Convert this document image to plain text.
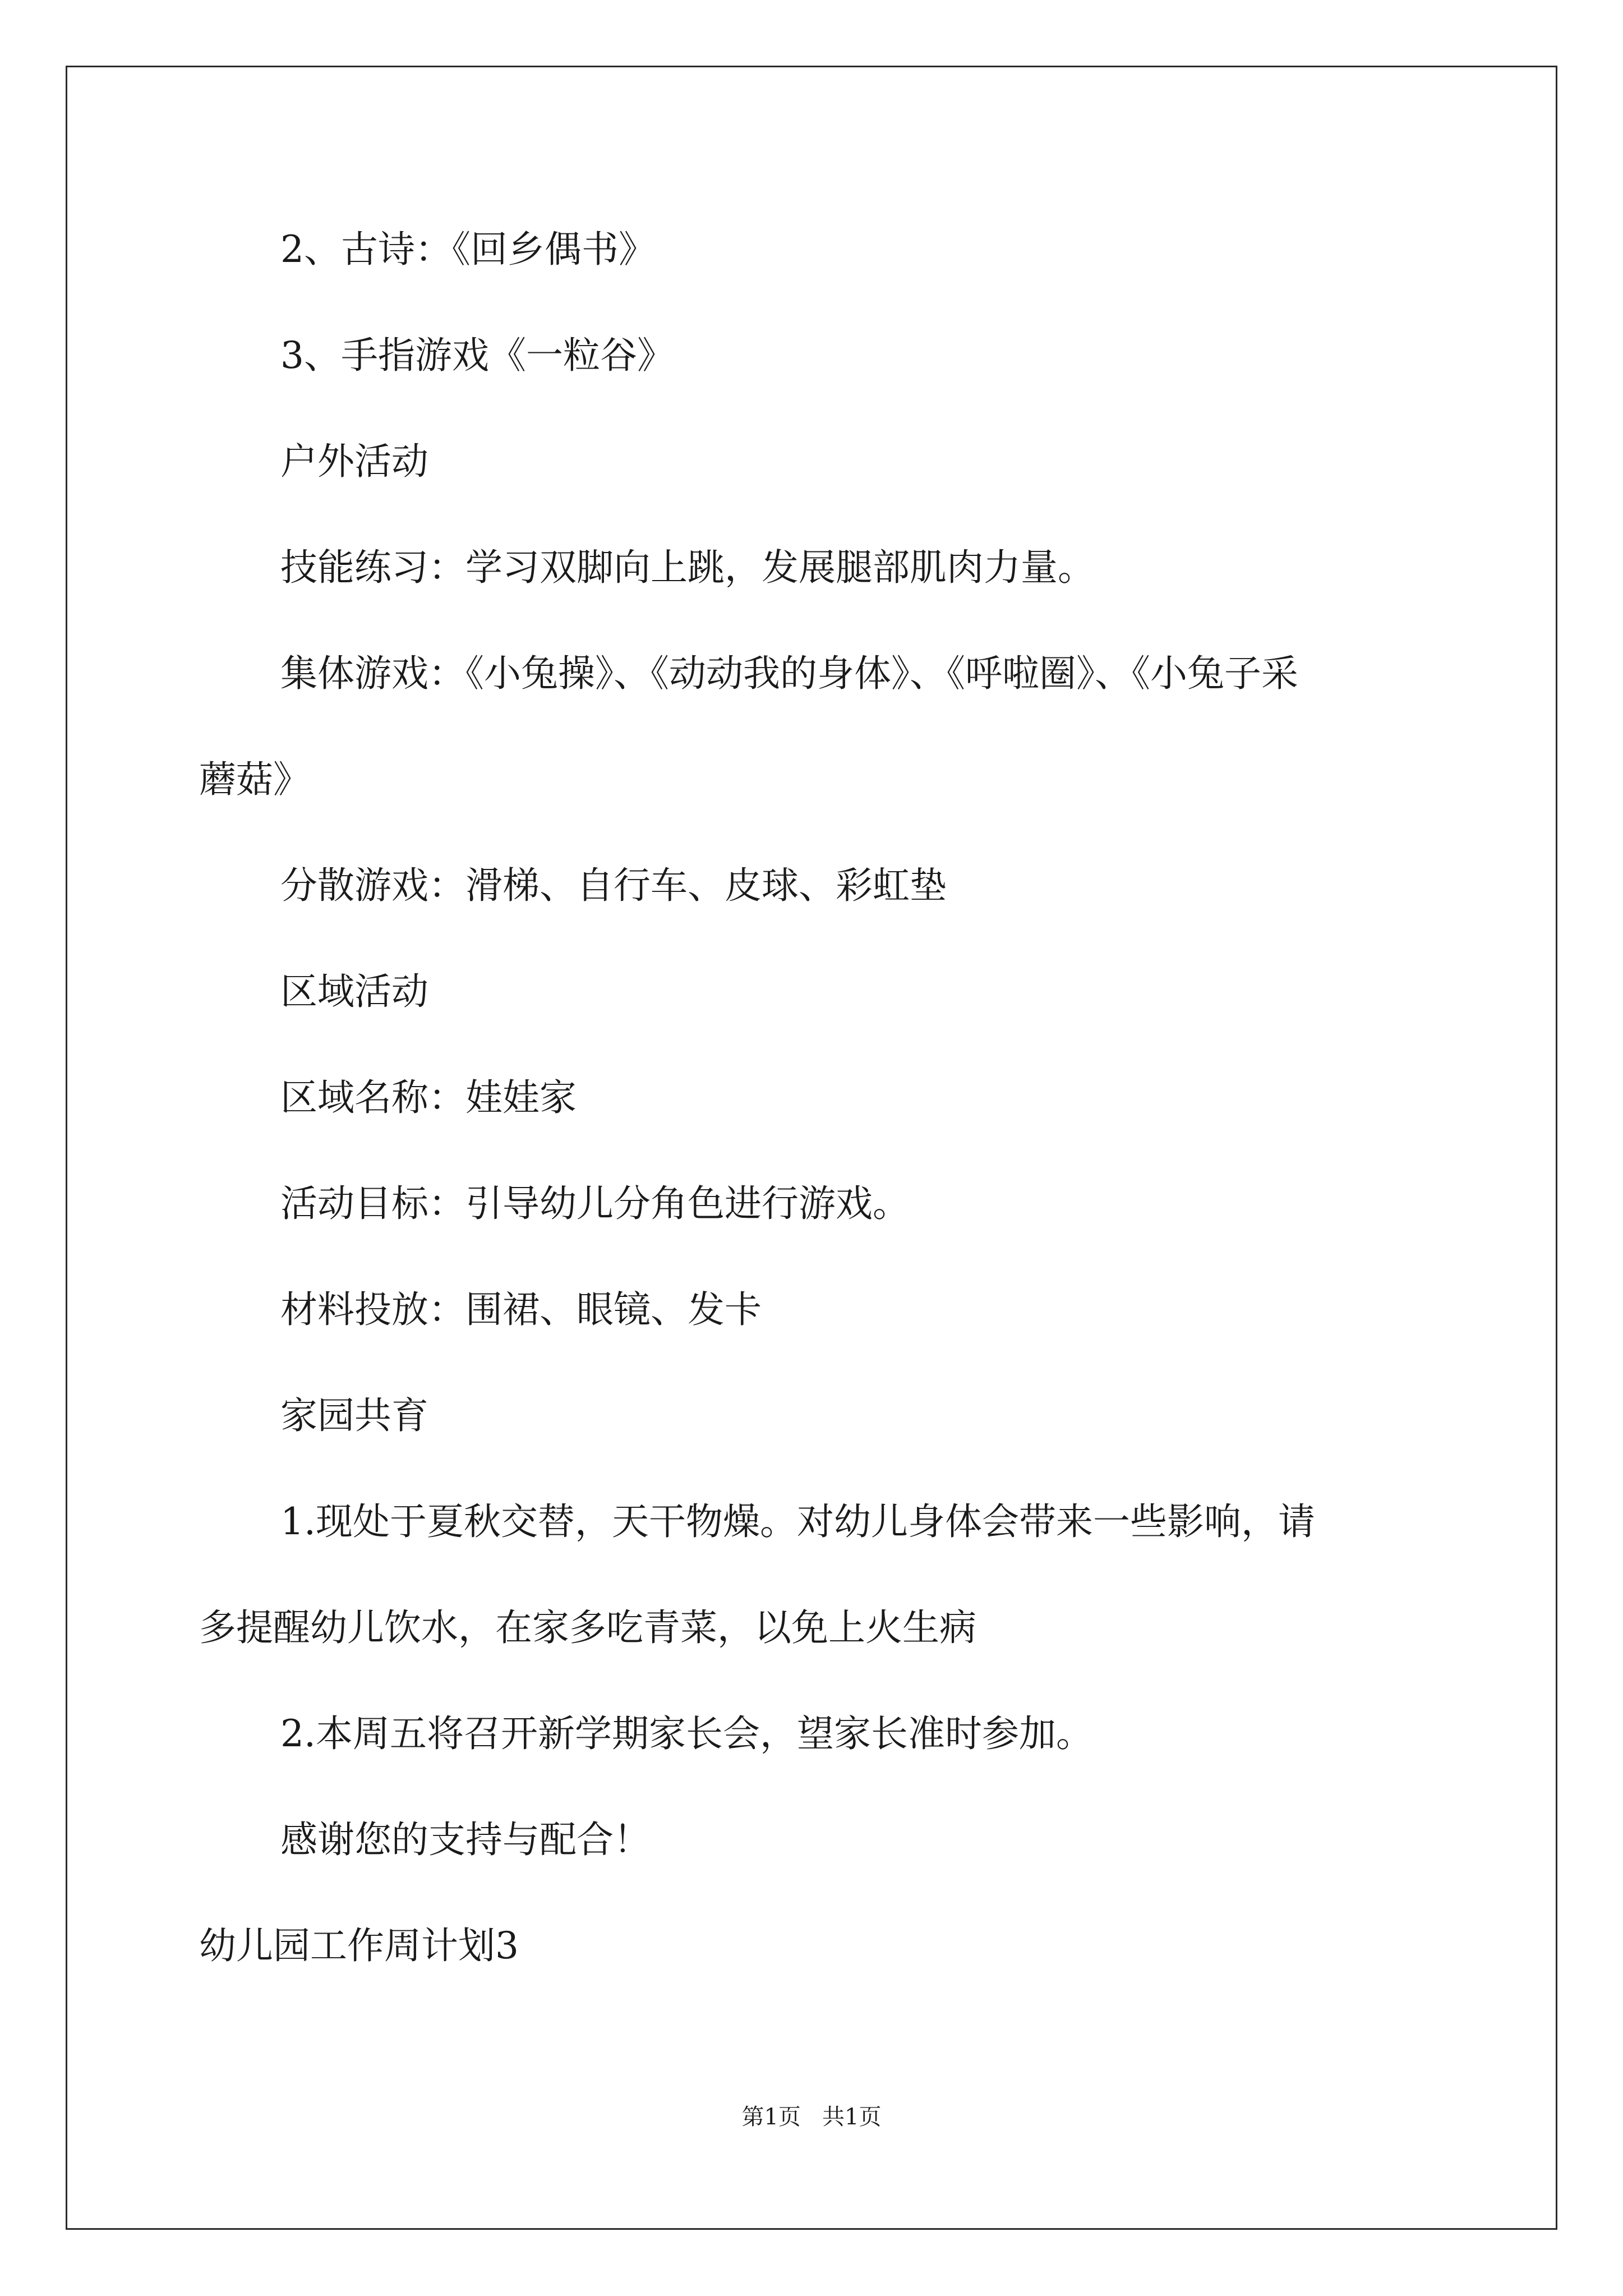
2、古诗：《回乡偶书》
3、手指游戏《一粒谷》
户外活动
技能练习：学习双脚向上跳，发展腿部肌肉力量。
集体游戏：《小兔操》、《动动我的身体》、《呼啦圈》、《小兔子采
蘑菇》
分散游戏：滑梯、自行车、皮球、彩虹垫
区域活动
区域名称：娃娃家
活动目标：引导幼儿分角色进行游戏。
材料投放：围裙、眼镜、发卡
家园共育
1.现处于夏秋交替，天干物燥。对幼儿身体会带来一些影响，请
多提醒幼儿饮水，在家多吃青菜，以免上火生病
2.本周五将召开新学期家长会，望家长准时参加。
感谢您的支持与配合！
幼儿园工作周计划3
第1页   共1页
